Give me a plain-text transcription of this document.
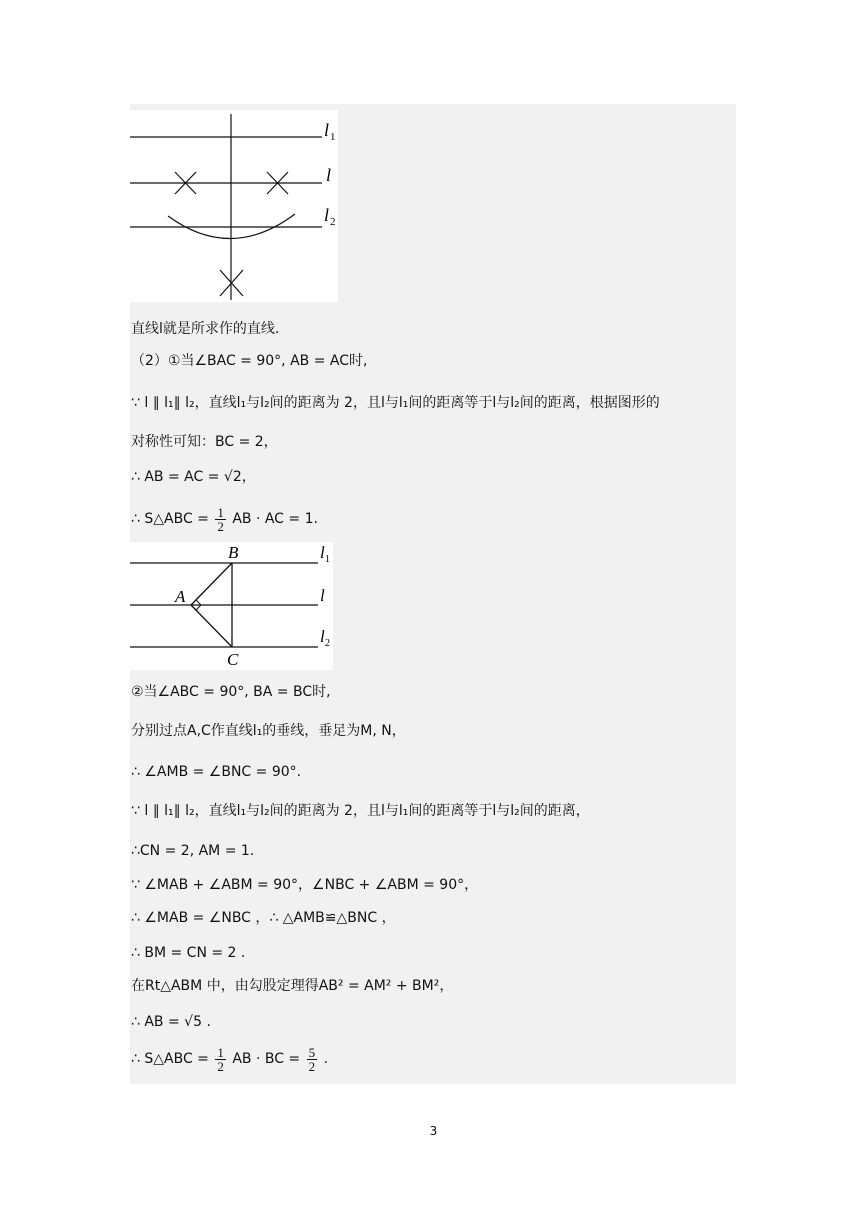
l 1
l
l 2
直线l就是所求作的直线.
（2）①当∠BAC = 90°, AB = AC时,
∵ l ∥ l₁∥ l₂，直线l₁与l₂间的距离为 2，且l与l₁间的距离等于l与l₂间的距离，根据图形的
对称性可知：BC = 2，
∴ AB = AC = √2，
∴ S△ABC = $\frac{1}{2}$ AB · AC = 1.
B
A
C
l 1
l
l 2
②当∠ABC = 90°, BA = BC时,
分别过点A,C作直线l₁的垂线，垂足为M, N，
∴ ∠AMB = ∠BNC = 90°.
∵ l ∥ l₁∥ l₂，直线l₁与l₂间的距离为 2，且l与l₁间的距离等于l与l₂间的距离，
∴CN = 2, AM = 1.
∵ ∠MAB + ∠ABM = 90°，∠NBC + ∠ABM = 90°，
∴ ∠MAB = ∠NBC ，∴ △AMB≌△BNC ，
∴ BM = CN = 2 .
在Rt△ABM 中，由勾股定理得AB² = AM² + BM²，
∴ AB = √5 .
∴ S△ABC = $\frac{1}{2}$ AB · BC = $\frac{5}{2}$ .
3
